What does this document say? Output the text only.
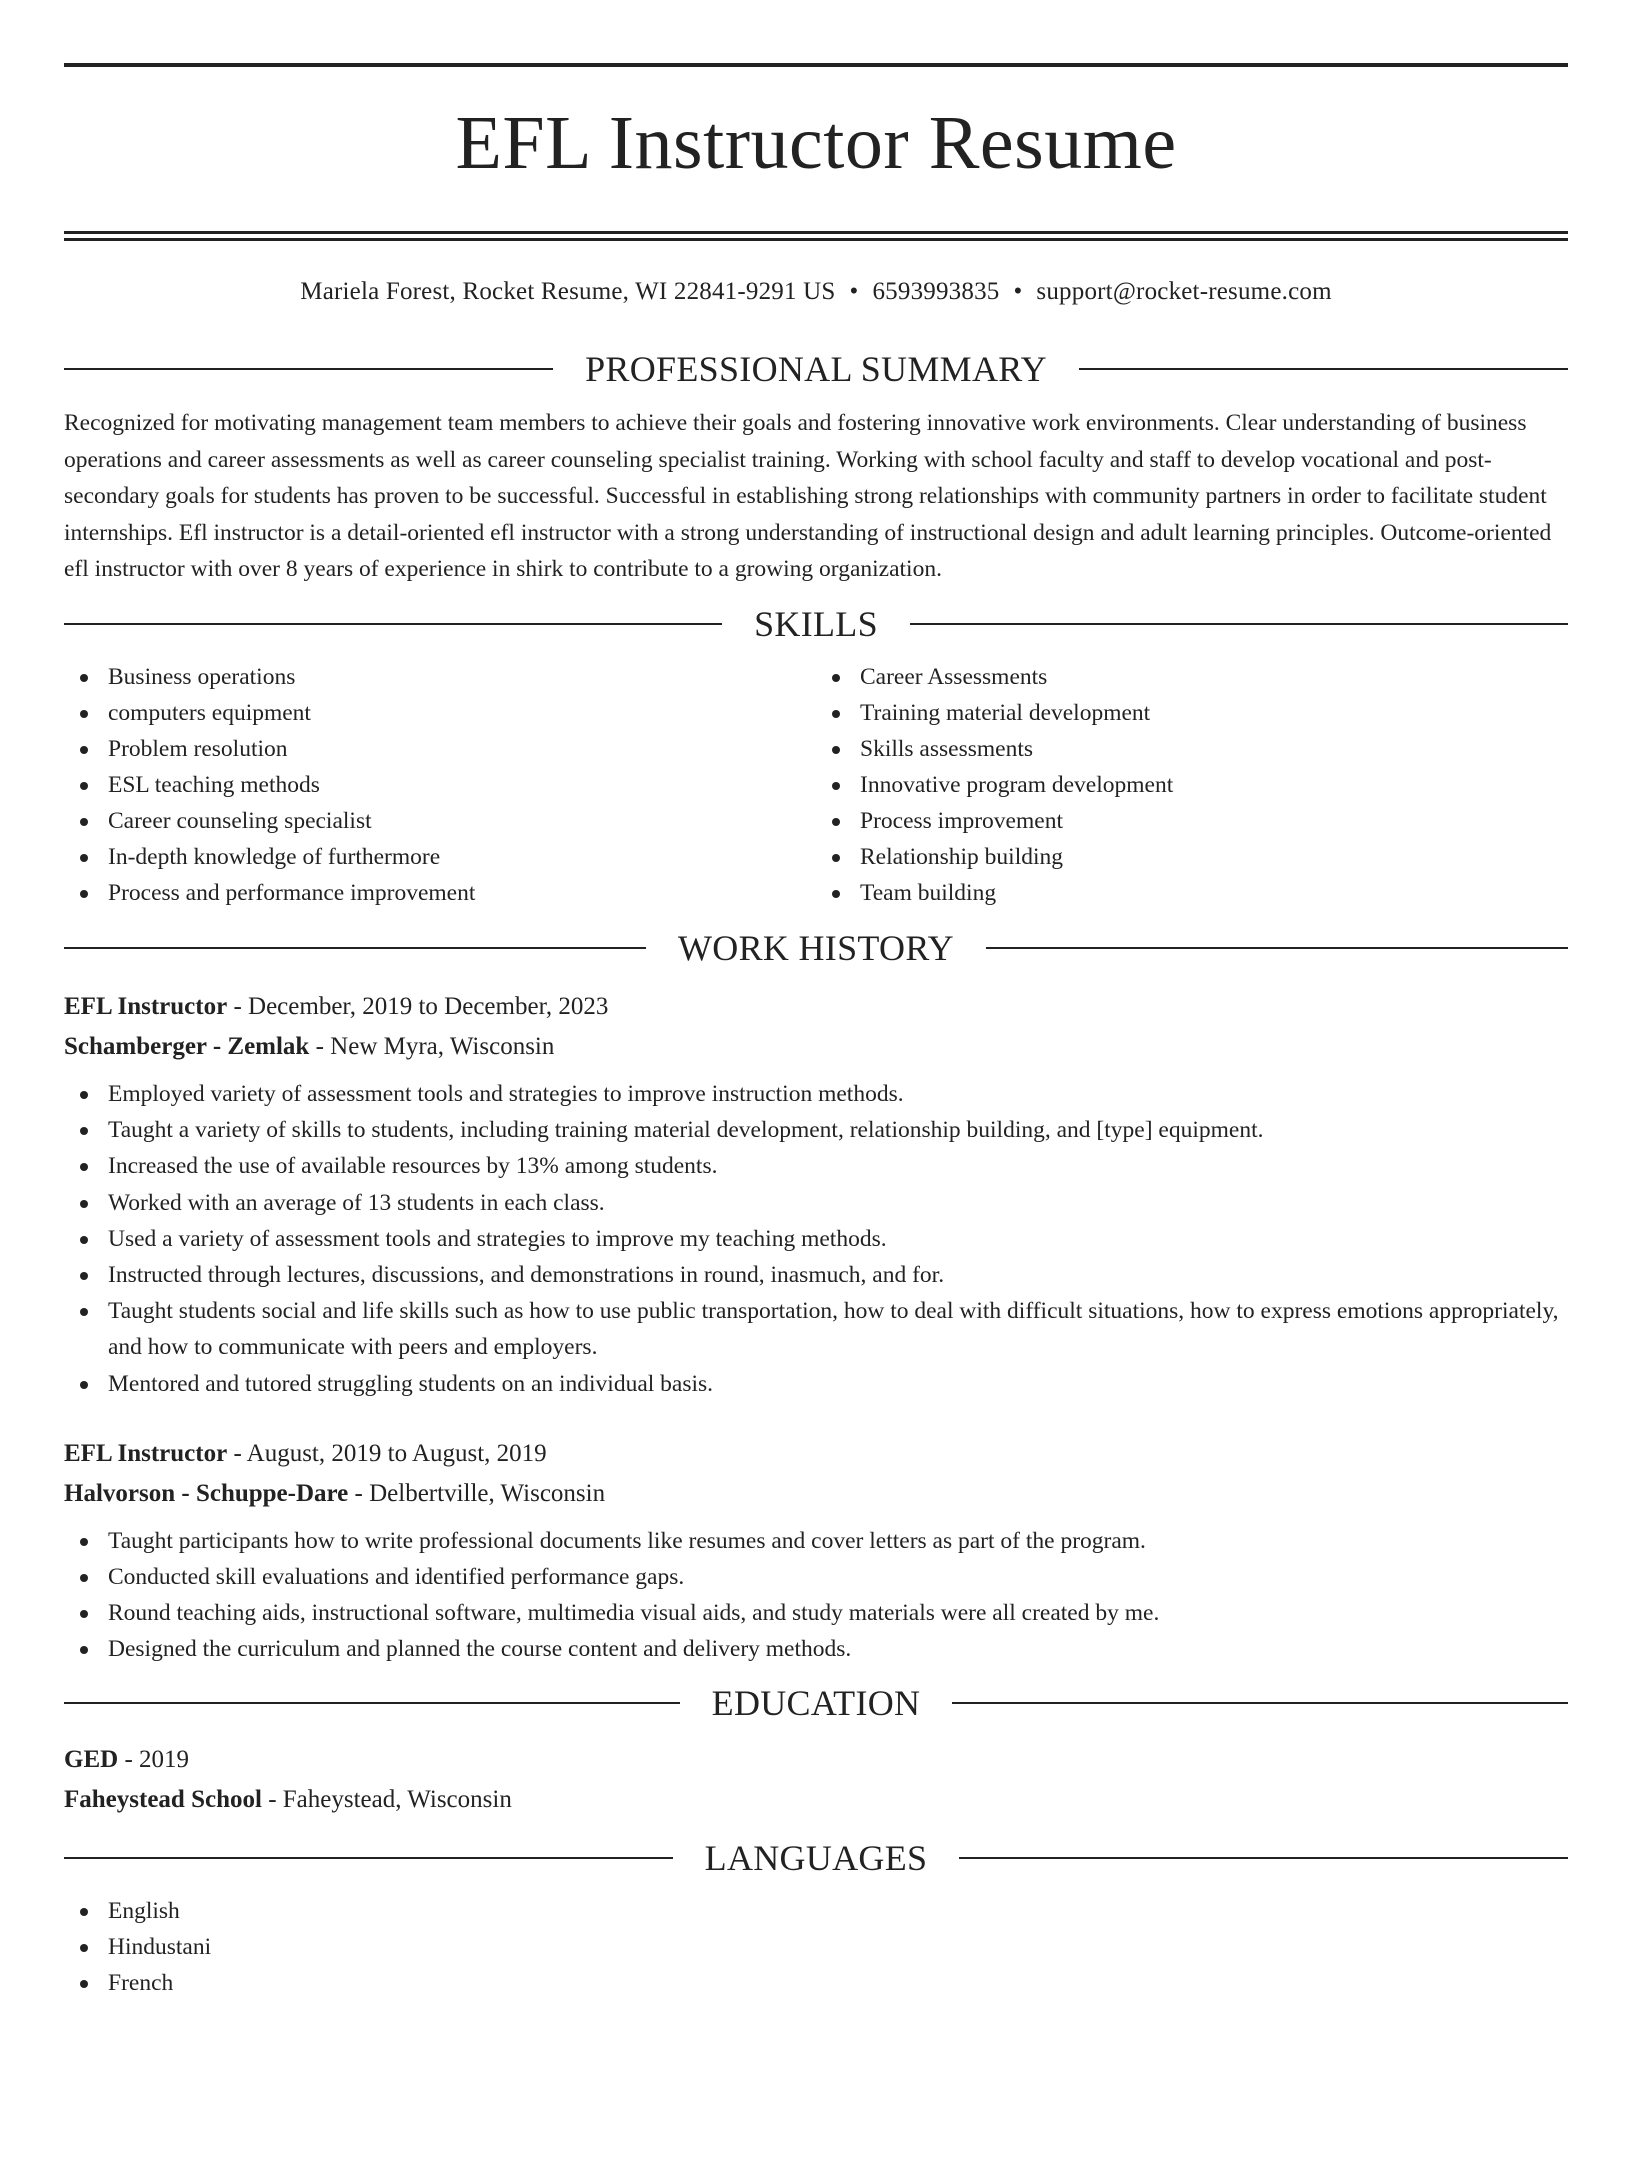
EFL Instructor Resume
Mariela Forest, Rocket Resume, WI 22841-9291 US • 6593993835 • support@rocket-resume.com
PROFESSIONAL SUMMARY

Recognized for motivating management team members to achieve their goals and fostering innovative work environments. Clear understanding of business operations and career assessments as well as career counseling specialist training. Working with school faculty and staff to develop vocational and post-secondary goals for students has proven to be successful. Successful in establishing strong relationships with community partners in order to facilitate student internships. Efl instructor is a detail-oriented efl instructor with a strong understanding of instructional design and adult learning principles. Outcome-oriented efl instructor with over 8 years of experience in shirk to contribute to a growing organization.

SKILLS
Business operations
computers equipment
Problem resolution
ESL teaching methods
Career counseling specialist
In-depth knowledge of furthermore
Process and performance improvement
Career Assessments
Training material development
Skills assessments
Innovative program development
Process improvement
Relationship building
Team building
WORK HISTORY
EFL Instructor - December, 2019 to December, 2023
Schamberger - Zemlak - New Myra, Wisconsin
Employed variety of assessment tools and strategies to improve instruction methods.
Taught a variety of skills to students, including training material development, relationship building, and [type] equipment.
Increased the use of available resources by 13% among students.
Worked with an average of 13 students in each class.
Used a variety of assessment tools and strategies to improve my teaching methods.
Instructed through lectures, discussions, and demonstrations in round, inasmuch, and for.
Taught students social and life skills such as how to use public transportation, how to deal with difficult situations, how to express emotions appropriately, and how to communicate with peers and employers.
Mentored and tutored struggling students on an individual basis.
EFL Instructor - August, 2019 to August, 2019
Halvorson - Schuppe-Dare - Delbertville, Wisconsin
Taught participants how to write professional documents like resumes and cover letters as part of the program.
Conducted skill evaluations and identified performance gaps.
Round teaching aids, instructional software, multimedia visual aids, and study materials were all created by me.
Designed the curriculum and planned the course content and delivery methods.
EDUCATION
GED - 2019
Faheystead School - Faheystead, Wisconsin
LANGUAGES
English
Hindustani
French
